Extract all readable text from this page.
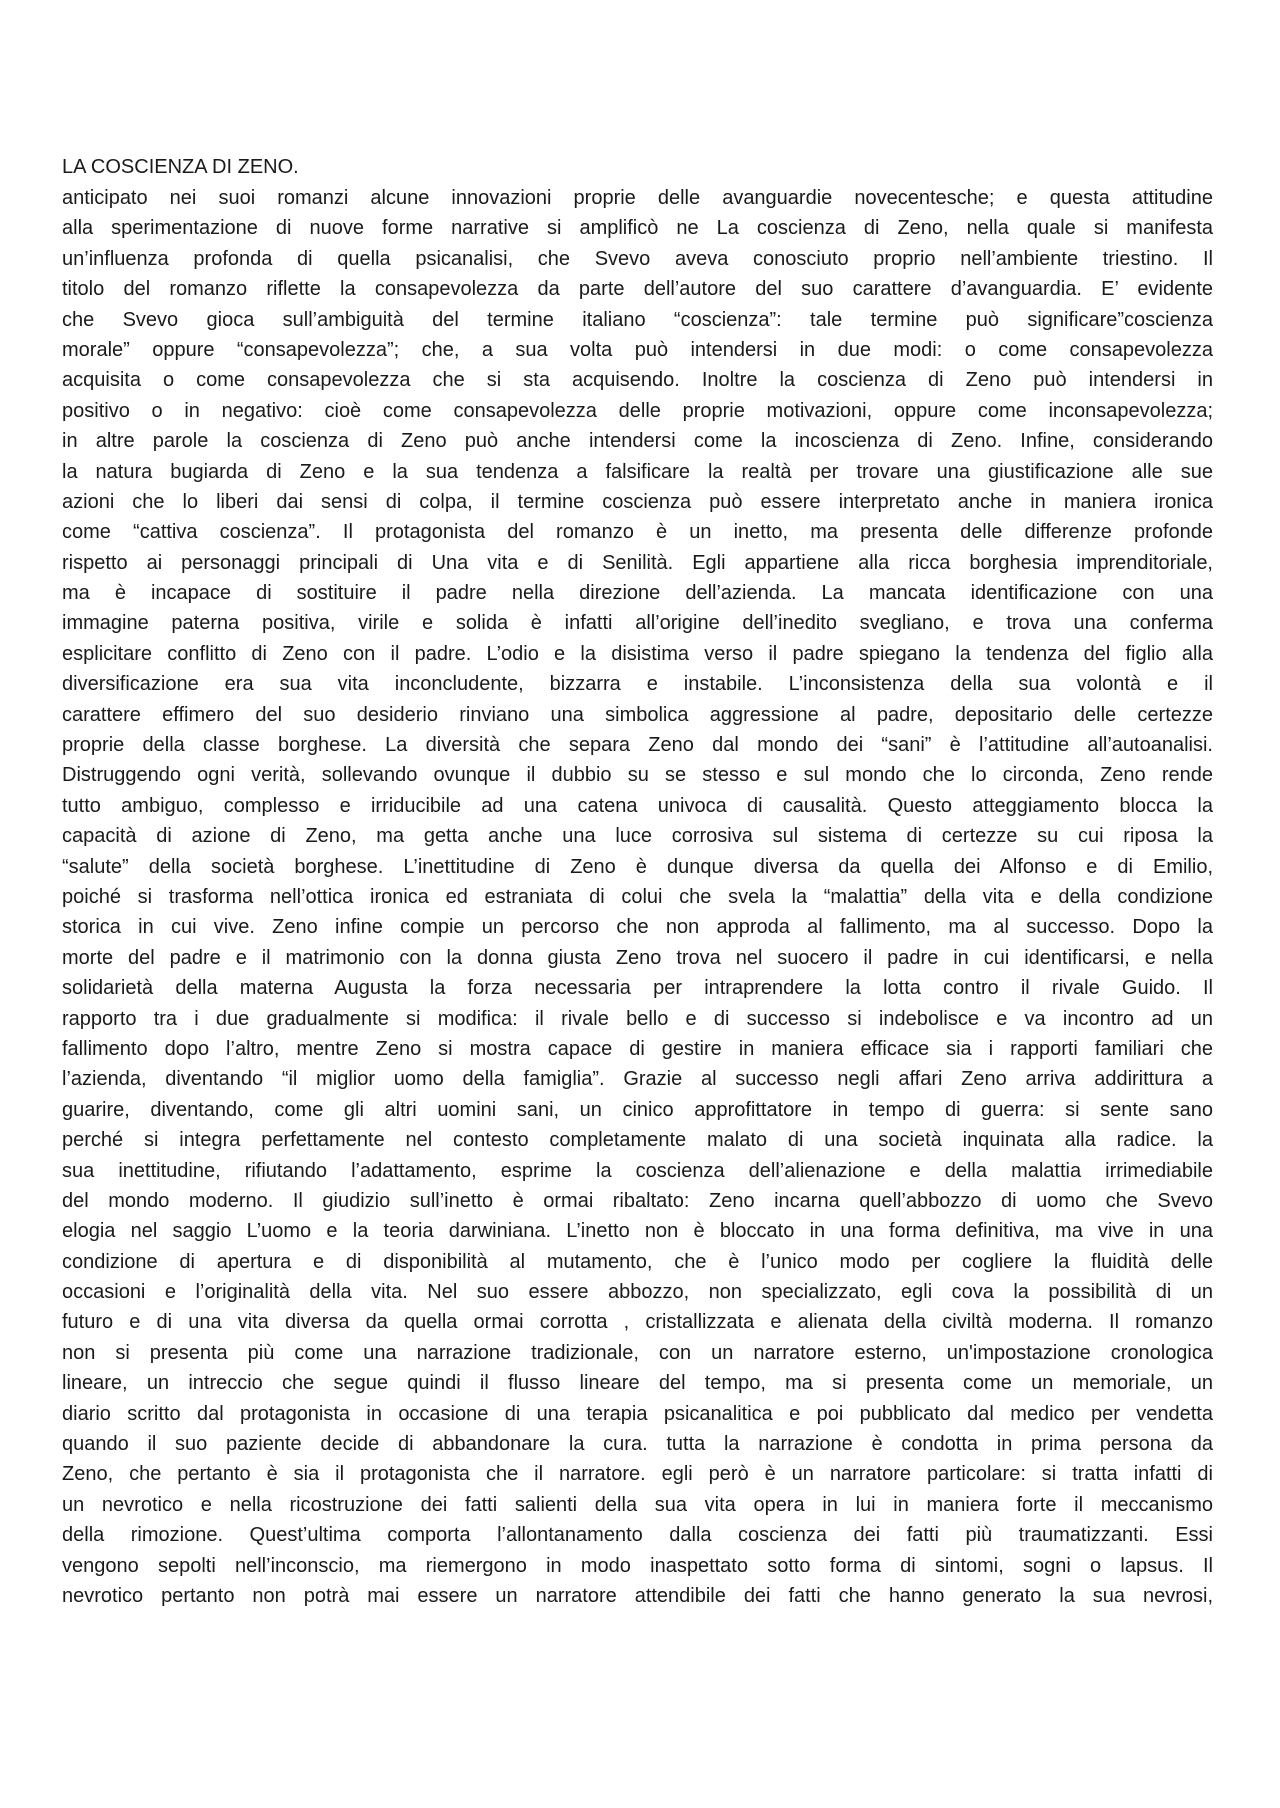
LA COSCIENZA DI ZENO.
anticipato nei suoi romanzi alcune innovazioni proprie delle avanguardie novecentesche; e questa attitudine
alla sperimentazione di nuove forme narrative si amplificò ne La coscienza di Zeno, nella quale si manifesta
un’influenza profonda di quella psicanalisi, che Svevo aveva conosciuto proprio nell’ambiente triestino. Il
titolo del romanzo riflette la consapevolezza da parte dell’autore del suo carattere d’avanguardia. E’ evidente
che Svevo gioca sull’ambiguità del termine italiano “coscienza”: tale termine può significare”coscienza
morale” oppure “consapevolezza”; che, a sua volta può intendersi in due modi: o come consapevolezza
acquisita o come consapevolezza che si sta acquisendo. Inoltre la coscienza di Zeno può intendersi in
positivo o in negativo: cioè come consapevolezza delle proprie motivazioni, oppure come inconsapevolezza;
in altre parole la coscienza di Zeno può anche intendersi come la incoscienza di Zeno. Infine, considerando
la natura bugiarda di Zeno e la sua tendenza a falsificare la realtà per trovare una giustificazione alle sue
azioni che lo liberi dai sensi di colpa, il termine coscienza può essere interpretato anche in maniera ironica
come “cattiva coscienza”. Il protagonista del romanzo è un inetto, ma presenta delle differenze profonde
rispetto ai personaggi principali di Una vita e di Senilità. Egli appartiene alla ricca borghesia imprenditoriale,
ma è incapace di sostituire il padre nella direzione dell’azienda. La mancata identificazione con una
immagine paterna positiva, virile e solida è infatti all’origine dell’inedito svegliano, e trova una conferma
esplicitare conflitto di Zeno con il padre. L’odio e la disistima verso il padre spiegano la tendenza del figlio alla
diversificazione era sua vita inconcludente, bizzarra e instabile. L’inconsistenza della sua volontà e il
carattere effimero del suo desiderio rinviano una simbolica aggressione al padre, depositario delle certezze
proprie della classe borghese. La diversità che separa Zeno dal mondo dei “sani” è l’attitudine all’autoanalisi.
Distruggendo ogni verità, sollevando ovunque il dubbio su se stesso e sul mondo che lo circonda, Zeno rende
tutto ambiguo, complesso e irriducibile ad una catena univoca di causalità. Questo atteggiamento blocca la
capacità di azione di Zeno, ma getta anche una luce corrosiva sul sistema di certezze su cui riposa la
“salute” della società borghese. L’inettitudine di Zeno è dunque diversa da quella dei Alfonso e di Emilio,
poiché si trasforma nell’ottica ironica ed estraniata di colui che svela la “malattia” della vita e della condizione
storica in cui vive. Zeno infine compie un percorso che non approda al fallimento, ma al successo. Dopo la
morte del padre e il matrimonio con la donna giusta Zeno trova nel suocero il padre in cui identificarsi, e nella
solidarietà della materna Augusta la forza necessaria per intraprendere la lotta contro il rivale Guido. Il
rapporto tra i due gradualmente si modifica: il rivale bello e di successo si indebolisce e va incontro ad un
fallimento dopo l’altro, mentre Zeno si mostra capace di gestire in maniera efficace sia i rapporti familiari che
l’azienda, diventando “il miglior uomo della famiglia”. Grazie al successo negli affari Zeno arriva addirittura a
guarire, diventando, come gli altri uomini sani, un cinico approfittatore in tempo di guerra: si sente sano
perché si integra perfettamente nel contesto completamente malato di una società inquinata alla radice. la
sua inettitudine, rifiutando l’adattamento, esprime la coscienza dell’alienazione e della malattia irrimediabile
del mondo moderno. Il giudizio sull’inetto è ormai ribaltato: Zeno incarna quell’abbozzo di uomo che Svevo
elogia nel saggio L’uomo e la teoria darwiniana. L’inetto non è bloccato in una forma definitiva, ma vive in una
condizione di apertura e di disponibilità al mutamento, che è l’unico modo per cogliere la fluidità delle
occasioni e l’originalità della vita. Nel suo essere abbozzo, non specializzato, egli cova la possibilità di un
futuro e di una vita diversa da quella ormai corrotta , cristallizzata e alienata della civiltà moderna. Il romanzo
non si presenta più come una narrazione tradizionale, con un narratore esterno, un'impostazione cronologica
lineare, un intreccio che segue quindi il flusso lineare del tempo, ma si presenta come un memoriale, un
diario scritto dal protagonista in occasione di una terapia psicanalitica e poi pubblicato dal medico per vendetta
quando il suo paziente decide di abbandonare la cura. tutta la narrazione è condotta in prima persona da
Zeno, che pertanto è sia il protagonista che il narratore. egli però è un narratore particolare: si tratta infatti di
un nevrotico e nella ricostruzione dei fatti salienti della sua vita opera in lui in maniera forte il meccanismo
della rimozione. Quest’ultima comporta l’allontanamento dalla coscienza dei fatti più traumatizzanti. Essi
vengono sepolti nell’inconscio, ma riemergono in modo inaspettato sotto forma di sintomi, sogni o lapsus. Il
nevrotico pertanto non potrà mai essere un narratore attendibile dei fatti che hanno generato la sua nevrosi,
